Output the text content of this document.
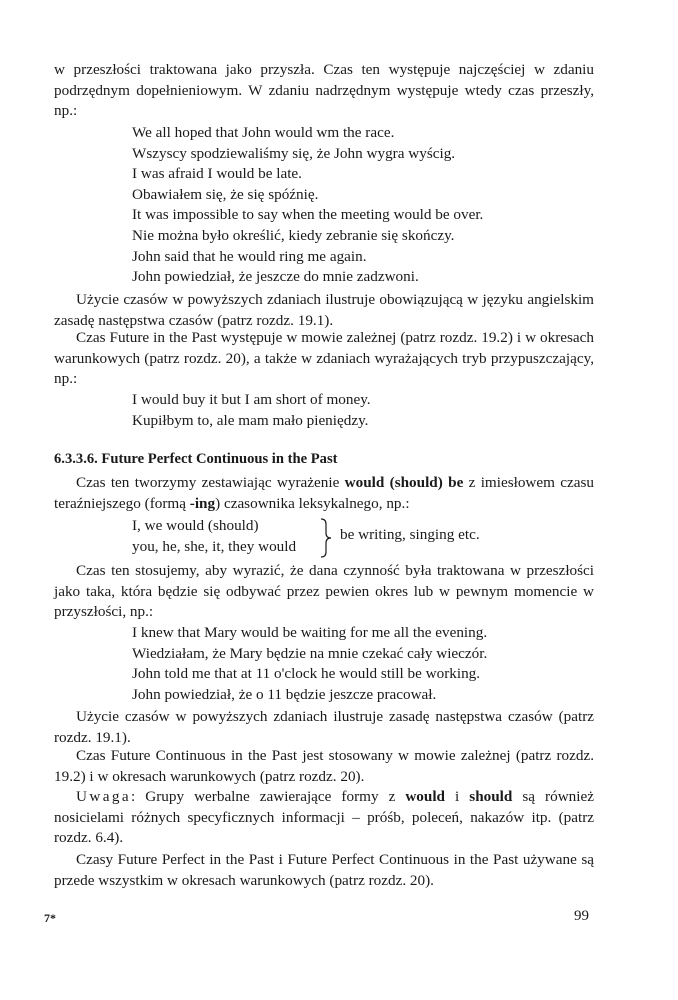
w przeszłości traktowana jako przyszła. Czas ten występuje najczęściej w zdaniu podrzędnym dopełnieniowym. W zdaniu nadrzędnym występuje wtedy czas przeszły, np.:

We all hoped that John would wm the race.
Wszyscy spodziewaliśmy się, że John wygra wyścig.
I was afraid I would be late.
Obawiałem się, że się spóźnię.
It was impossible to say when the meeting would be over.
Nie można było określić, kiedy zebranie się skończy.
John said that he would ring me again.
John powiedział, że jeszcze do mnie zadzwoni.

Użycie czasów w powyższych zdaniach ilustruje obowiązującą w języku angielskim zasadę następstwa czasów (patrz rozdz. 19.1).

Czas Future in the Past występuje w mowie zależnej (patrz rozdz. 19.2) i w okresach warunkowych (patrz rozdz. 20), a także w zdaniach wyrażających tryb przypuszczający, np.:

I would buy it but I am short of money.
Kupiłbym to, ale mam mało pieniędzy.
6.3.3.6. Future Perfect Continuous in the Past

Czas ten tworzymy zestawiając wyrażenie would (should) be z imiesłowem czasu teraźniejszego (formą -ing) czasownika leksykalnego, np.:

I, we would (should)
you, he, she, it, they would
be writing, singing etc.

Czas ten stosujemy, aby wyrazić, że dana czynność była traktowana w przeszłości jako taka, która będzie się odbywać przez pewien okres lub w pewnym momencie w przyszłości, np.:

I knew that Mary would be waiting for me all the evening.
Wiedziałam, że Mary będzie na mnie czekać cały wieczór.
John told me that at 11 o'clock he would still be working.
John powiedział, że o 11 będzie jeszcze pracował.

Użycie czasów w powyższych zdaniach ilustruje zasadę następstwa czasów (patrz rozdz. 19.1).

Czas Future Continuous in the Past jest stosowany w mowie zależnej (patrz rozdz. 19.2) i w okresach warunkowych (patrz rozdz. 20).

Uwaga: Grupy werbalne zawierające formy z would i should są również nosicielami różnych specyficznych informacji – próśb, poleceń, nakazów itp. (patrz rozdz. 6.4).

Czasy Future Perfect in the Past i Future Perfect Continuous in the Past używane są przede wszystkim w okresach warunkowych (patrz rozdz. 20).

7*	99
